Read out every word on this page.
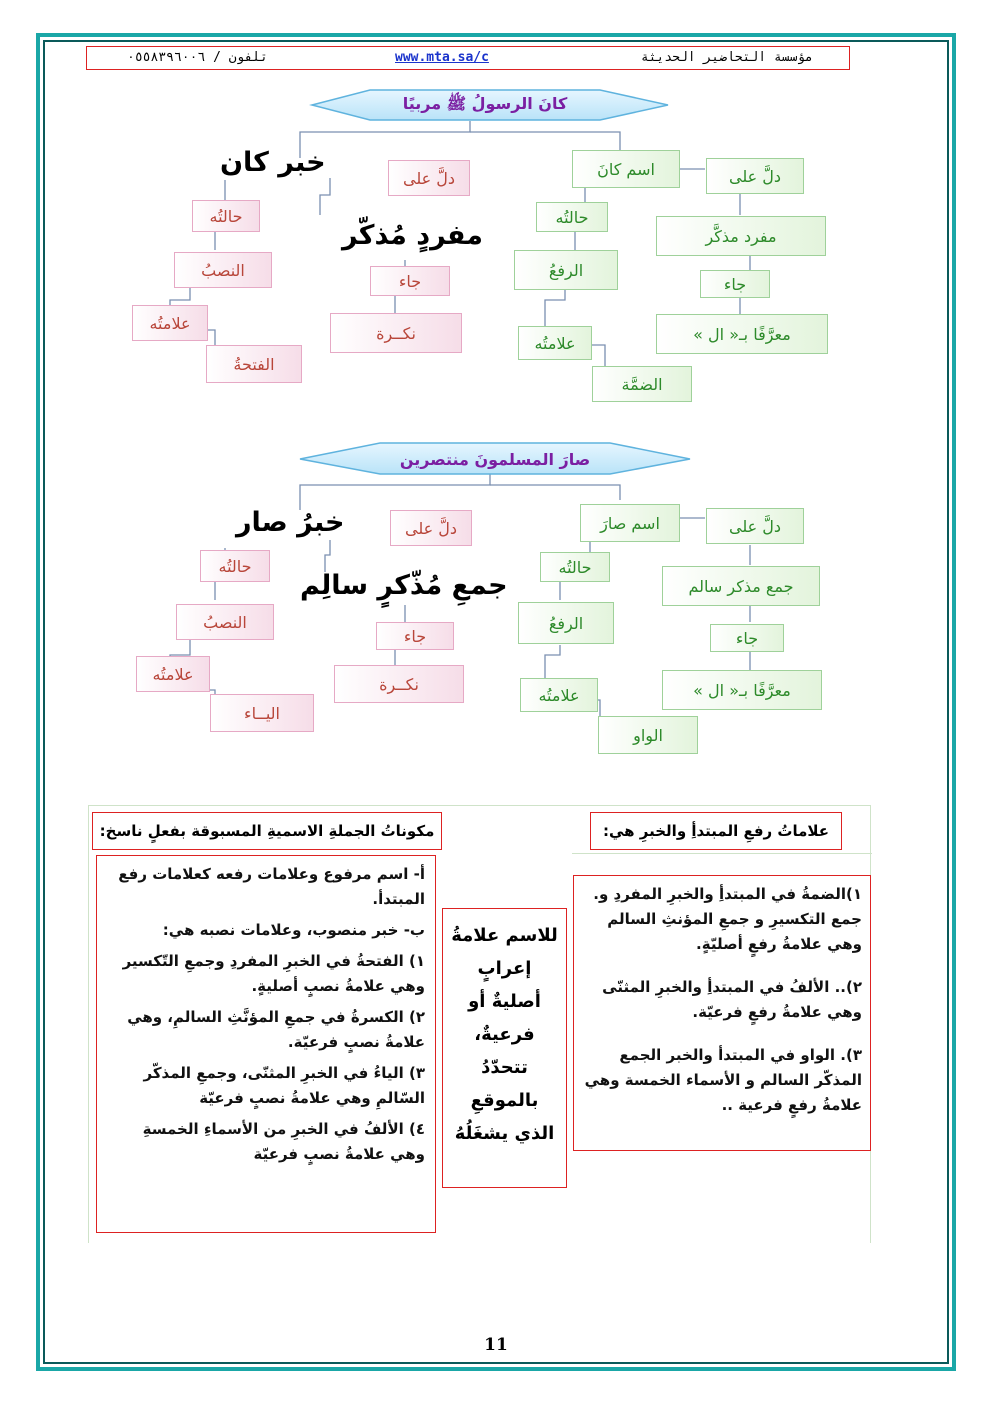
مؤسسة التحاضير الحديثة
www.mta.sa/c
تلفون / ٠٥٥٨٣٩٦٠٠٦
كانَ الرسولُ ﷺ مربيًا
خبر كان	دلَّ على
مفردٍ مُذكّر
حالتُه
النصبُ
جاء
علامتُه
نكــرة
الفتحةُ
اسم كانَ	دلَّ على
حالتُه
مفرد مذكَّر
الرفعُ
جاء
معرَّفًا بـ« ال »
علامتُه
الضمَّة
صارَ المسلمونَ منتصرين
خبرُ صار	دلَّ على
جمعِ مُذّكرٍ سالِم
حالتُه
النصبُ
جاء
علامتُه
نكــرة
اليــاء
اسم صارَ	دلَّ على
حالتُه
جمع مذكر سالم
الرفعُ
جاء
معرَّفًا بـ« ال »
علامتُه
الواو
علاماتُ رفعِ المبتدأِ والخبرِ هي:
مكوناتُ الجملةِ الاسميةِ المسبوقة بفعلٍ ناسخ:

١)الضمةُ في المبتدأِ والخبرِ المفردِ و. جمع التكسيرِ و جمعِ المؤنثِ السالم وهي علامةُ رفعٍ أصليّةٍ.

٢).. الألفُ في المبتدأِ والخبرِ المثنّى وهي علامةُ رفعٍ فرعيّة.

٣). الواو في المبتدأ والخبر الجمع المذكّر السالم و الأسماء الخمسة وهي علامةُ رفعٍ فرعية ..

للاسم علامةُ إعرابٍ أصليةٌ أو فرعيةٌ، تتحدّدُ بالموقعِ الذي يشغَلُهُ

أ- اسم مرفوع وعلامات رفعه كعلامات رفع المبتدأ.

ب- خبر منصوب، وعلامات نصبه هي:

١) الفتحةُ في الخبرِ المفردِ وجمعِ التّكسير وهي علامةُ نصبٍ أصليةٍ.

٢) الكسرةُ في جمعِ المؤنَّثِ السالمِ، وهي علامةُ نصبٍ فرعيّة.

٣) الياءُ في الخبرِ المثنّى، وجمعِ المذكّر السّالمِ وهي علامةُ نصبٍ فرعيّة

٤) الألفُ في الخبرِ من الأسماءِ الخمسةِ وهي علامةُ نصبٍ فرعيّة

11
